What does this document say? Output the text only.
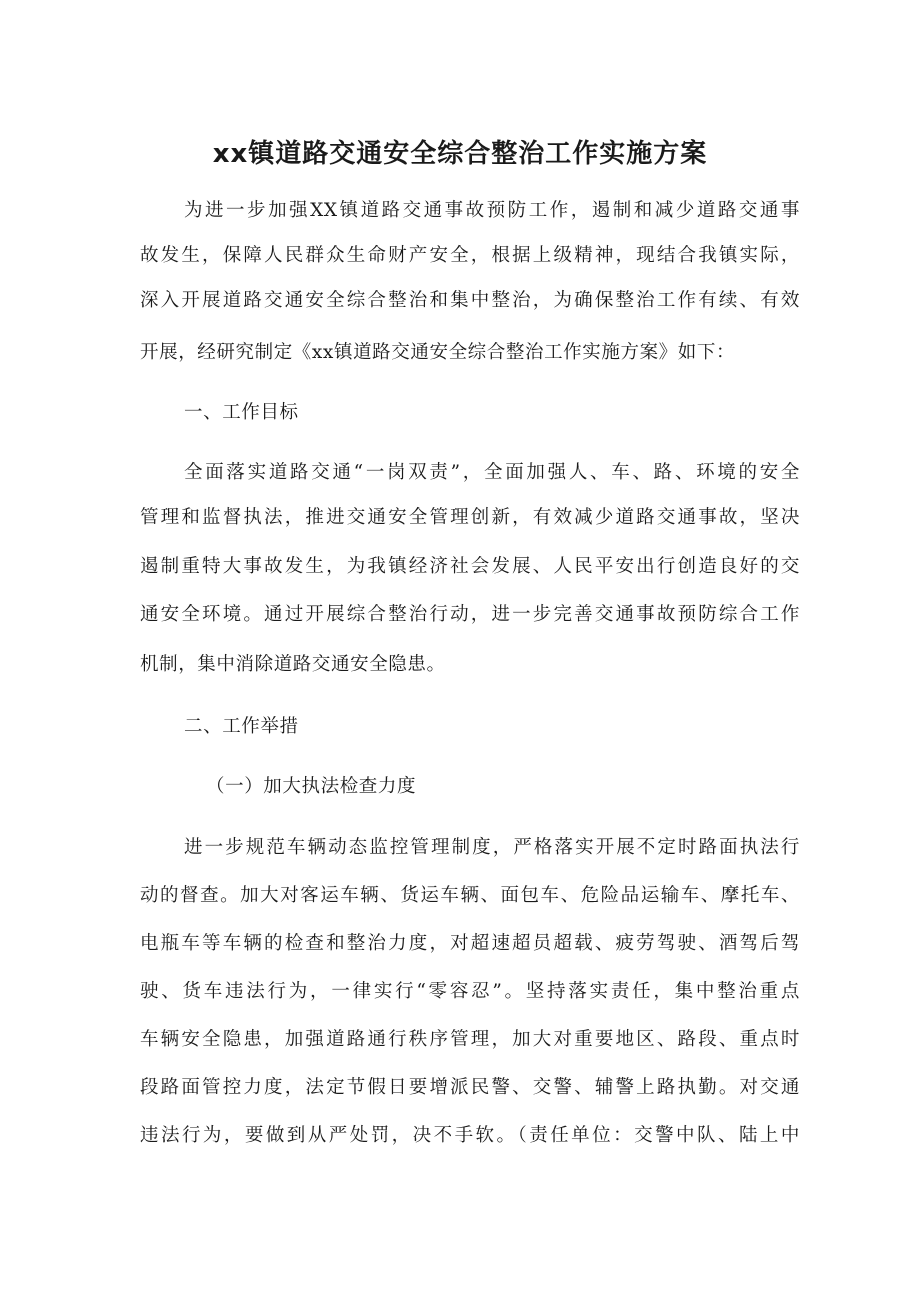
xx镇道路交通安全综合整治工作实施方案
为进一步加强XX镇道路交通事故预防工作，遏制和减少道路交通事
故发生，保障人民群众生命财产安全，根据上级精神，现结合我镇实际，
深入开展道路交通安全综合整治和集中整治，为确保整治工作有续、有效
开展，经研究制定《xx镇道路交通安全综合整治工作实施方案》如下：
一、工作目标
全面落实道路交通“一岗双责”，全面加强人、车、路、环境的安全
管理和监督执法，推进交通安全管理创新，有效减少道路交通事故，坚决
遏制重特大事故发生，为我镇经济社会发展、人民平安出行创造良好的交
通安全环境。通过开展综合整治行动，进一步完善交通事故预防综合工作
机制，集中消除道路交通安全隐患。
二、工作举措
（一）加大执法检查力度
进一步规范车辆动态监控管理制度，严格落实开展不定时路面执法行
动的督查。加大对客运车辆、货运车辆、面包车、危险品运输车、摩托车、
电瓶车等车辆的检查和整治力度，对超速超员超载、疲劳驾驶、酒驾后驾
驶、货车违法行为，一律实行“零容忍”。坚持落实责任，集中整治重点
车辆安全隐患，加强道路通行秩序管理，加大对重要地区、路段、重点时
段路面管控力度，法定节假日要增派民警、交警、辅警上路执勤。对交通
违法行为，要做到从严处罚，决不手软。（责任单位：交警中队、陆上中
